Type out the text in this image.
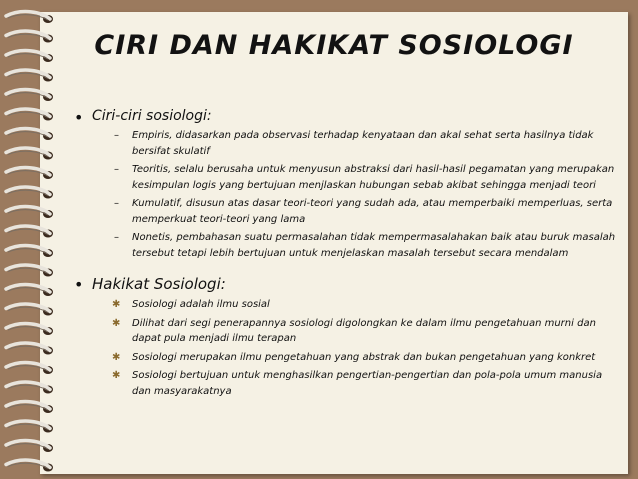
CIRI DAN HAKIKAT SOSIOLOGI
• Ciri-ciri sosiologi:
– Empiris, didasarkan pada observasi terhadap kenyataan dan akal sehat serta hasilnya tidak bersifat skulatif
– Teoritis, selalu berusaha untuk menyusun abstraksi dari hasil-hasil pegamatan yang merupakan kesimpulan logis yang bertujuan menjlaskan hubungan sebab akibat sehingga menjadi teori
– Kumulatif, disusun atas dasar teori-teori yang sudah ada, atau memperbaiki memperluas, serta memperkuat teori-teori yang lama
– Nonetis, pembahasan suatu permasalahan tidak mempermasalahakan baik atau buruk masalah tersebut tetapi lebih bertujuan untuk menjelaskan masalah tersebut secara mendalam
• Hakikat Sosiologi:
✱ Sosiologi adalah ilmu sosial
✱ Dilihat dari segi penerapannya sosiologi digolongkan ke dalam ilmu pengetahuan murni dan dapat pula menjadi ilmu terapan
✱ Sosiologi merupakan ilmu pengetahuan yang abstrak dan bukan pengetahuan yang konkret
✱ Sosiologi bertujuan untuk menghasilkan pengertian-pengertian dan pola-pola umum manusia dan masyarakatnya
